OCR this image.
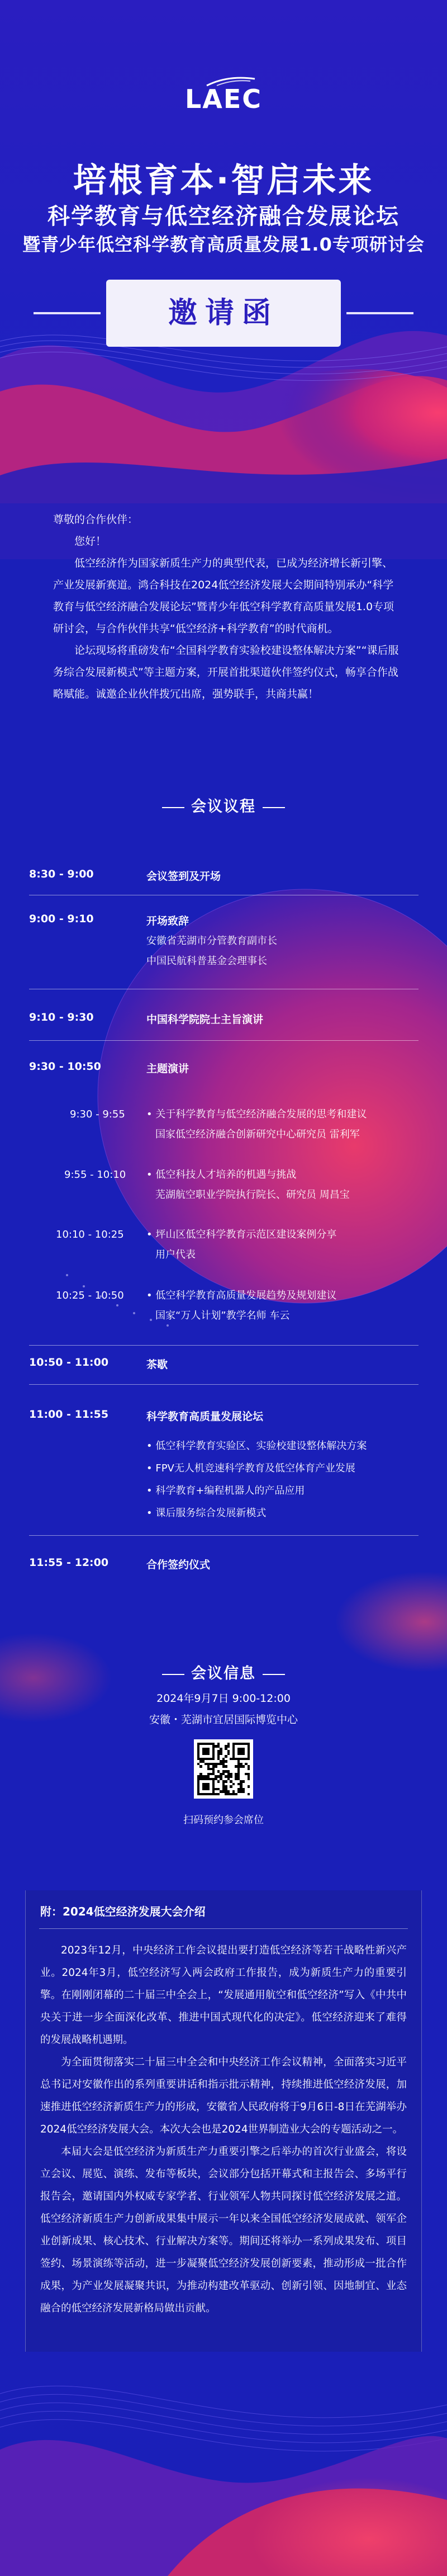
LAEC
培根育本·智启未来
科学教育与低空经济融合发展论坛
暨青少年低空科学教育高质量发展1.0专项研讨会
邀请函

尊敬的合作伙伴：

您好！

低空经济作为国家新质生产力的典型代表，已成为经济增长新引擎、产业发展新赛道。鸿合科技在2024低空经济发展大会期间特别承办“科学教育与低空经济融合发展论坛”暨青少年低空科学教育高质量发展1.0专项研讨会，与合作伙伴共享“低空经济+科学教育”的时代商机。

论坛现场将重磅发布“全国科学教育实验校建设整体解决方案”“课后服务综合发展新模式”等主题方案，开展首批渠道伙伴签约仪式，畅享合作战略赋能。诚邀企业伙伴拨冗出席，强势联手，共商共赢！

会议议程
8:30 - 9:00	会议签到及开场
9:00 - 9:10	开场致辞
安徽省芜湖市分管教育副市长
中国民航科普基金会理事长
9:10 - 9:30	中国科学院院士主旨演讲
9:30 - 10:50	主题演讲
9:30 - 9:55 • 关于科学教育与低空经济融合发展的思考和建议
国家低空经济融合创新研究中心研究员 雷利军
9:55 - 10:10 • 低空科技人才培养的机遇与挑战
芜湖航空职业学院执行院长、研究员 周昌宝
10:10 - 10:25 • 坪山区低空科学教育示范区建设案例分享
用户代表
10:25 - 10:50 • 低空科学教育高质量发展趋势及规划建议
国家“万人计划”教学名师 车云
10:50 - 11:00	茶歇
11:00 - 11:55	科学教育高质量发展论坛
• 低空科学教育实验区、实验校建设整体解决方案
• FPV无人机竞速科学教育及低空体育产业发展
• 科学教育+编程机器人的产品应用
• 课后服务综合发展新模式
11:55 - 12:00	合作签约仪式
会议信息
2024年9月7日 9:00-12:00
安徽・芜湖市宜居国际博览中心
扫码预约参会席位
附：2024低空经济发展大会介绍

2023年12月，中央经济工作会议提出要打造低空经济等若干战略性新兴产业。2024年3月，低空经济写入两会政府工作报告，成为新质生产力的重要引擎。在刚刚闭幕的二十届三中全会上，“发展通用航空和低空经济”写入《中共中央关于进一步全面深化改革、推进中国式现代化的决定》。低空经济迎来了难得的发展战略机遇期。

为全面贯彻落实二十届三中全会和中央经济工作会议精神，全面落实习近平总书记对安徽作出的系列重要讲话和指示批示精神，持续推进低空经济发展，加速推进低空经济新质生产力的形成，安徽省人民政府将于9月6日-8日在芜湖举办2024低空经济发展大会。本次大会也是2024世界制造业大会的专题活动之一。

本届大会是低空经济为新质生产力重要引擎之后举办的首次行业盛会，将设立会议、展览、演练、发布等板块，会议部分包括开幕式和主报告会、多场平行报告会，邀请国内外权威专家学者、行业领军人物共同探讨低空经济发展之道。低空经济新质生产力创新成果集中展示一年以来全国低空经济发展成就、领军企业创新成果、核心技术、行业解决方案等。期间还将举办一系列成果发布、项目签约、场景演练等活动，进一步凝聚低空经济发展创新要素，推动形成一批合作成果，为产业发展凝聚共识，为推动构建改革驱动、创新引领、因地制宜、业态融合的低空经济发展新格局做出贡献。
